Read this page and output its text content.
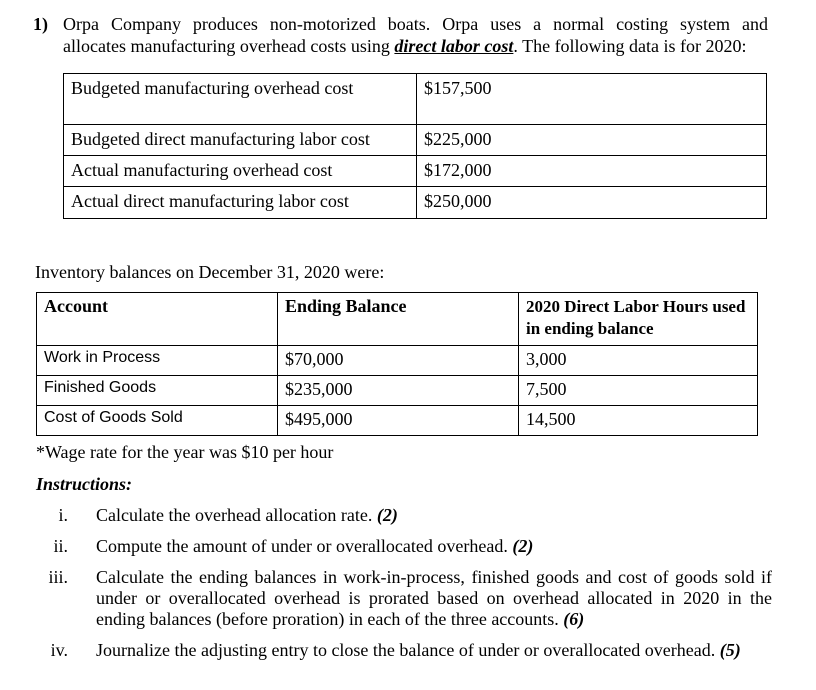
1) Orpa Company produces non-motorized boats. Orpa uses a normal costing system and
allocates manufacturing overhead costs using direct labor cost. The following data is for 2020:
Budgeted manufacturing overhead cost	$157,500
Budgeted direct manufacturing labor cost	$225,000
Actual manufacturing overhead cost	$172,000
Actual direct manufacturing labor cost	$250,000
Inventory balances on December 31, 2020 were:
Account	Ending Balance	2020 Direct Labor Hours used in ending balance
Work in Process	$70,000	3,000
Finished Goods	$235,000	7,500
Cost of Goods Sold	$495,000	14,500
*Wage rate for the year was $10 per hour
Instructions:
i. Calculate the overhead allocation rate. (2)
ii. Compute the amount of under or overallocated overhead. (2)
iii. Calculate the ending balances in work-in-process, finished goods and cost of goods sold if under or overallocated overhead is prorated based on overhead allocated in 2020 in the ending balances (before proration) in each of the three accounts. (6)
iv. Journalize the adjusting entry to close the balance of under or overallocated overhead. (5)
